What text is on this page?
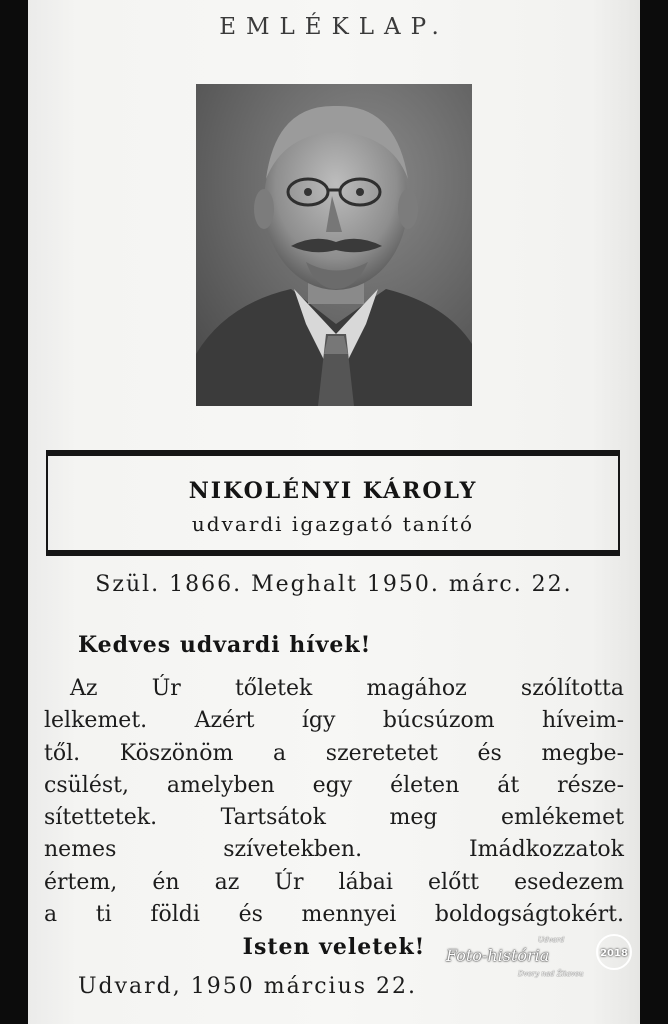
EMLÉKLAP.
NIKOLÉNYI KÁROLY
udvardi igazgató tanító
Szül. 1866. Meghalt 1950. márc. 22.
Kedves udvardi hívek!
Az Úr tőletek magához szólította
lelkemet. Azért így búcsúzom híveim-
től. Köszönöm a szeretetet és megbe-
csülést, amelyben egy életen át része-
sítettetek. Tartsátok meg emlékemet
nemes szívetekben. Imádkozzatok
értem, én az Úr lábai előtt esedezem
a ti földi és mennyei boldogságtokért.
Isten veletek!
Udvard, 1950 március 22.
Udvard
Foto-história
Dvory nad Žitavou
2018
